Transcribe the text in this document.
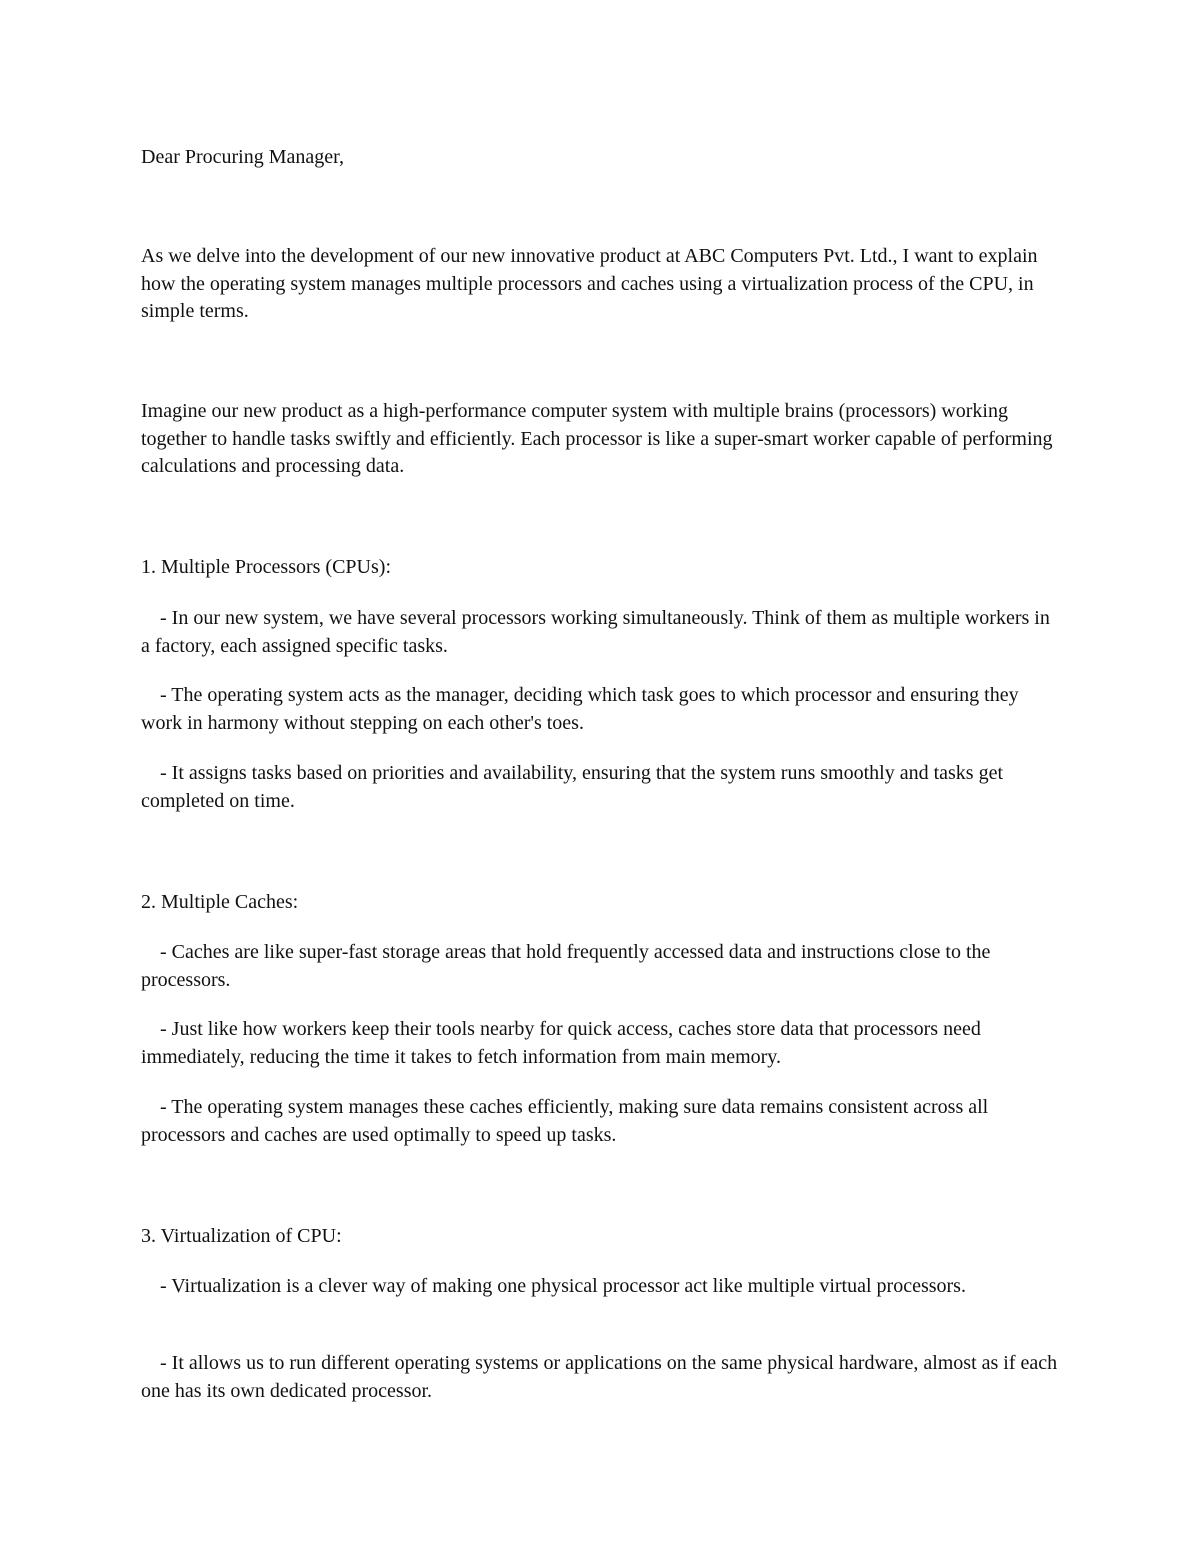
Dear Procuring Manager,

As we delve into the development of our new innovative product at ABC Computers Pvt. Ltd., I want to explain how the operating system manages multiple processors and caches using a virtualization process of the CPU, in simple terms.

Imagine our new product as a high-performance computer system with multiple brains (processors) working together to handle tasks swiftly and efficiently. Each processor is like a super-smart worker capable of performing calculations and processing data.

1. Multiple Processors (CPUs):

- In our new system, we have several processors working simultaneously. Think of them as multiple workers in a factory, each assigned specific tasks.

- The operating system acts as the manager, deciding which task goes to which processor and ensuring they work in harmony without stepping on each other's toes.

- It assigns tasks based on priorities and availability, ensuring that the system runs smoothly and tasks get completed on time.

2. Multiple Caches:

- Caches are like super-fast storage areas that hold frequently accessed data and instructions close to the processors.

- Just like how workers keep their tools nearby for quick access, caches store data that processors need immediately, reducing the time it takes to fetch information from main memory.

- The operating system manages these caches efficiently, making sure data remains consistent across all processors and caches are used optimally to speed up tasks.

3. Virtualization of CPU:

- Virtualization is a clever way of making one physical processor act like multiple virtual processors.

- It allows us to run different operating systems or applications on the same physical hardware, almost as if each one has its own dedicated processor.
